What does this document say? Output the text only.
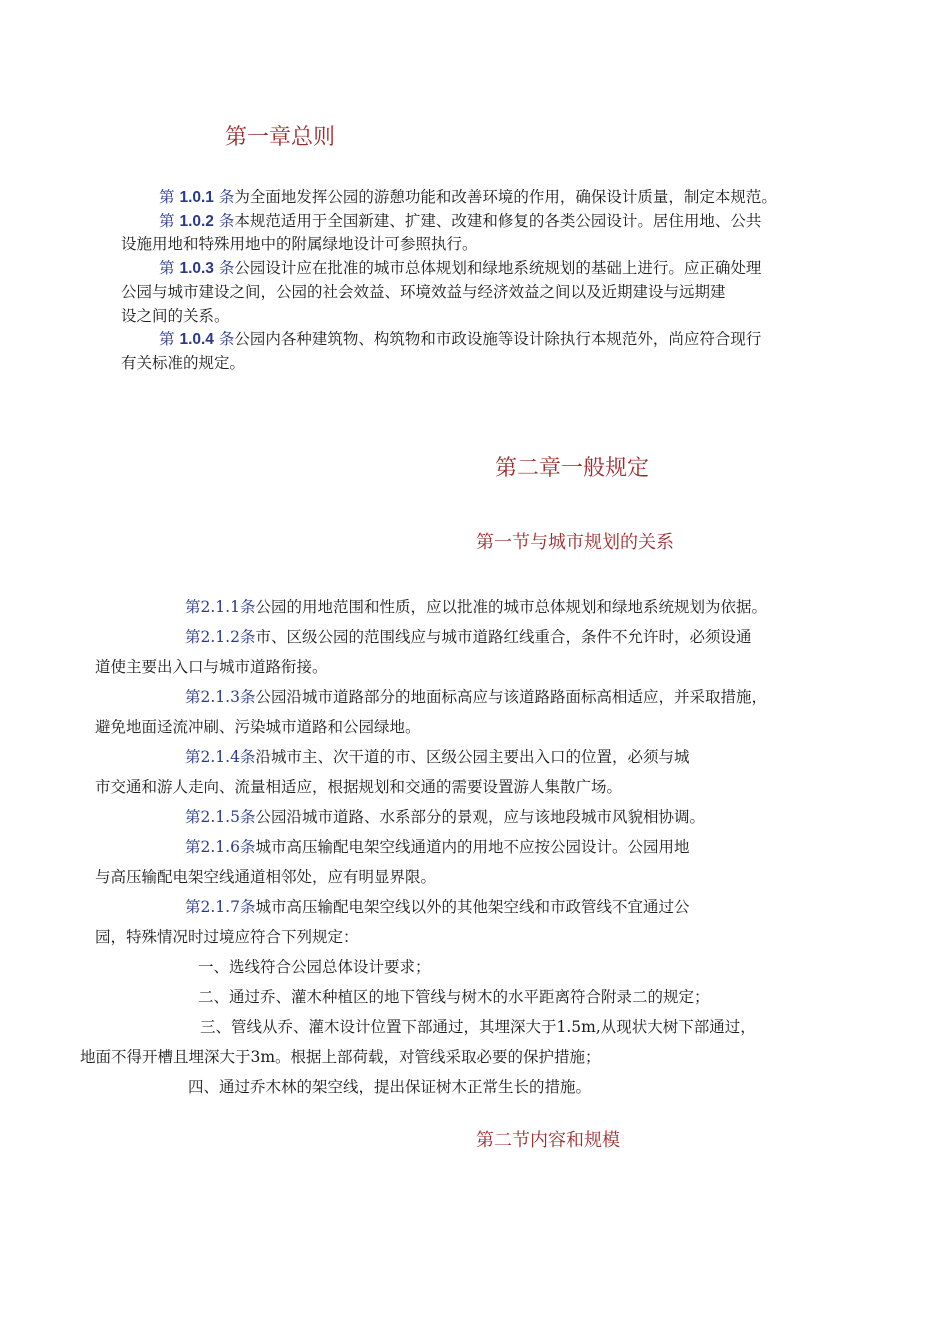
第一章总则

第 1.0.1 条为全面地发挥公园的游憩功能和改善环境的作用，确保设计质量，制定本规范。

第 1.0.2 条本规范适用于全国新建、扩建、改建和修复的各类公园设计。居住用地、公共
设施用地和特殊用地中的附属绿地设计可参照执行。

第 1.0.3 条公园设计应在批准的城市总体规划和绿地系统规划的基础上进行。应正确处理
公园与城市建设之间，公园的社会效益、环境效益与经济效益之间以及近期建设与远期建
设之间的关系。

第 1.0.4 条公园内各种建筑物、构筑物和市政设施等设计除执行本规范外，尚应符合现行
有关标准的规定。

第二章一般规定
第一节与城市规划的关系

第2.1.1条公园的用地范围和性质，应以批准的城市总体规划和绿地系统规划为依据。

第2.1.2条市、区级公园的范围线应与城市道路红线重合，条件不允许时，必须设通
道使主要出入口与城市道路衔接。

第2.1.3条公园沿城市道路部分的地面标高应与该道路路面标高相适应，并采取措施，
避免地面迳流冲刷、污染城市道路和公园绿地。

第2.1.4条沿城市主、次干道的市、区级公园主要出入口的位置，必须与城
市交通和游人走向、流量相适应，根据规划和交通的需要设置游人集散广场。

第2.1.5条公园沿城市道路、水系部分的景观，应与该地段城市风貌相协调。

第2.1.6条城市高压输配电架空线通道内的用地不应按公园设计。公园用地
与高压输配电架空线通道相邻处，应有明显界限。

第2.1.7条城市高压输配电架空线以外的其他架空线和市政管线不宜通过公
园，特殊情况时过境应符合下列规定：

一、选线符合公园总体设计要求；

二、通过乔、灌木种植区的地下管线与树木的水平距离符合附录二的规定；

三、管线从乔、灌木设计位置下部通过，其埋深大于1.5m,从现状大树下部通过，
地面不得开槽且埋深大于3m。根据上部荷载，对管线采取必要的保护措施；

四、通过乔木林的架空线，提出保证树木正常生长的措施。

第二节内容和规模
